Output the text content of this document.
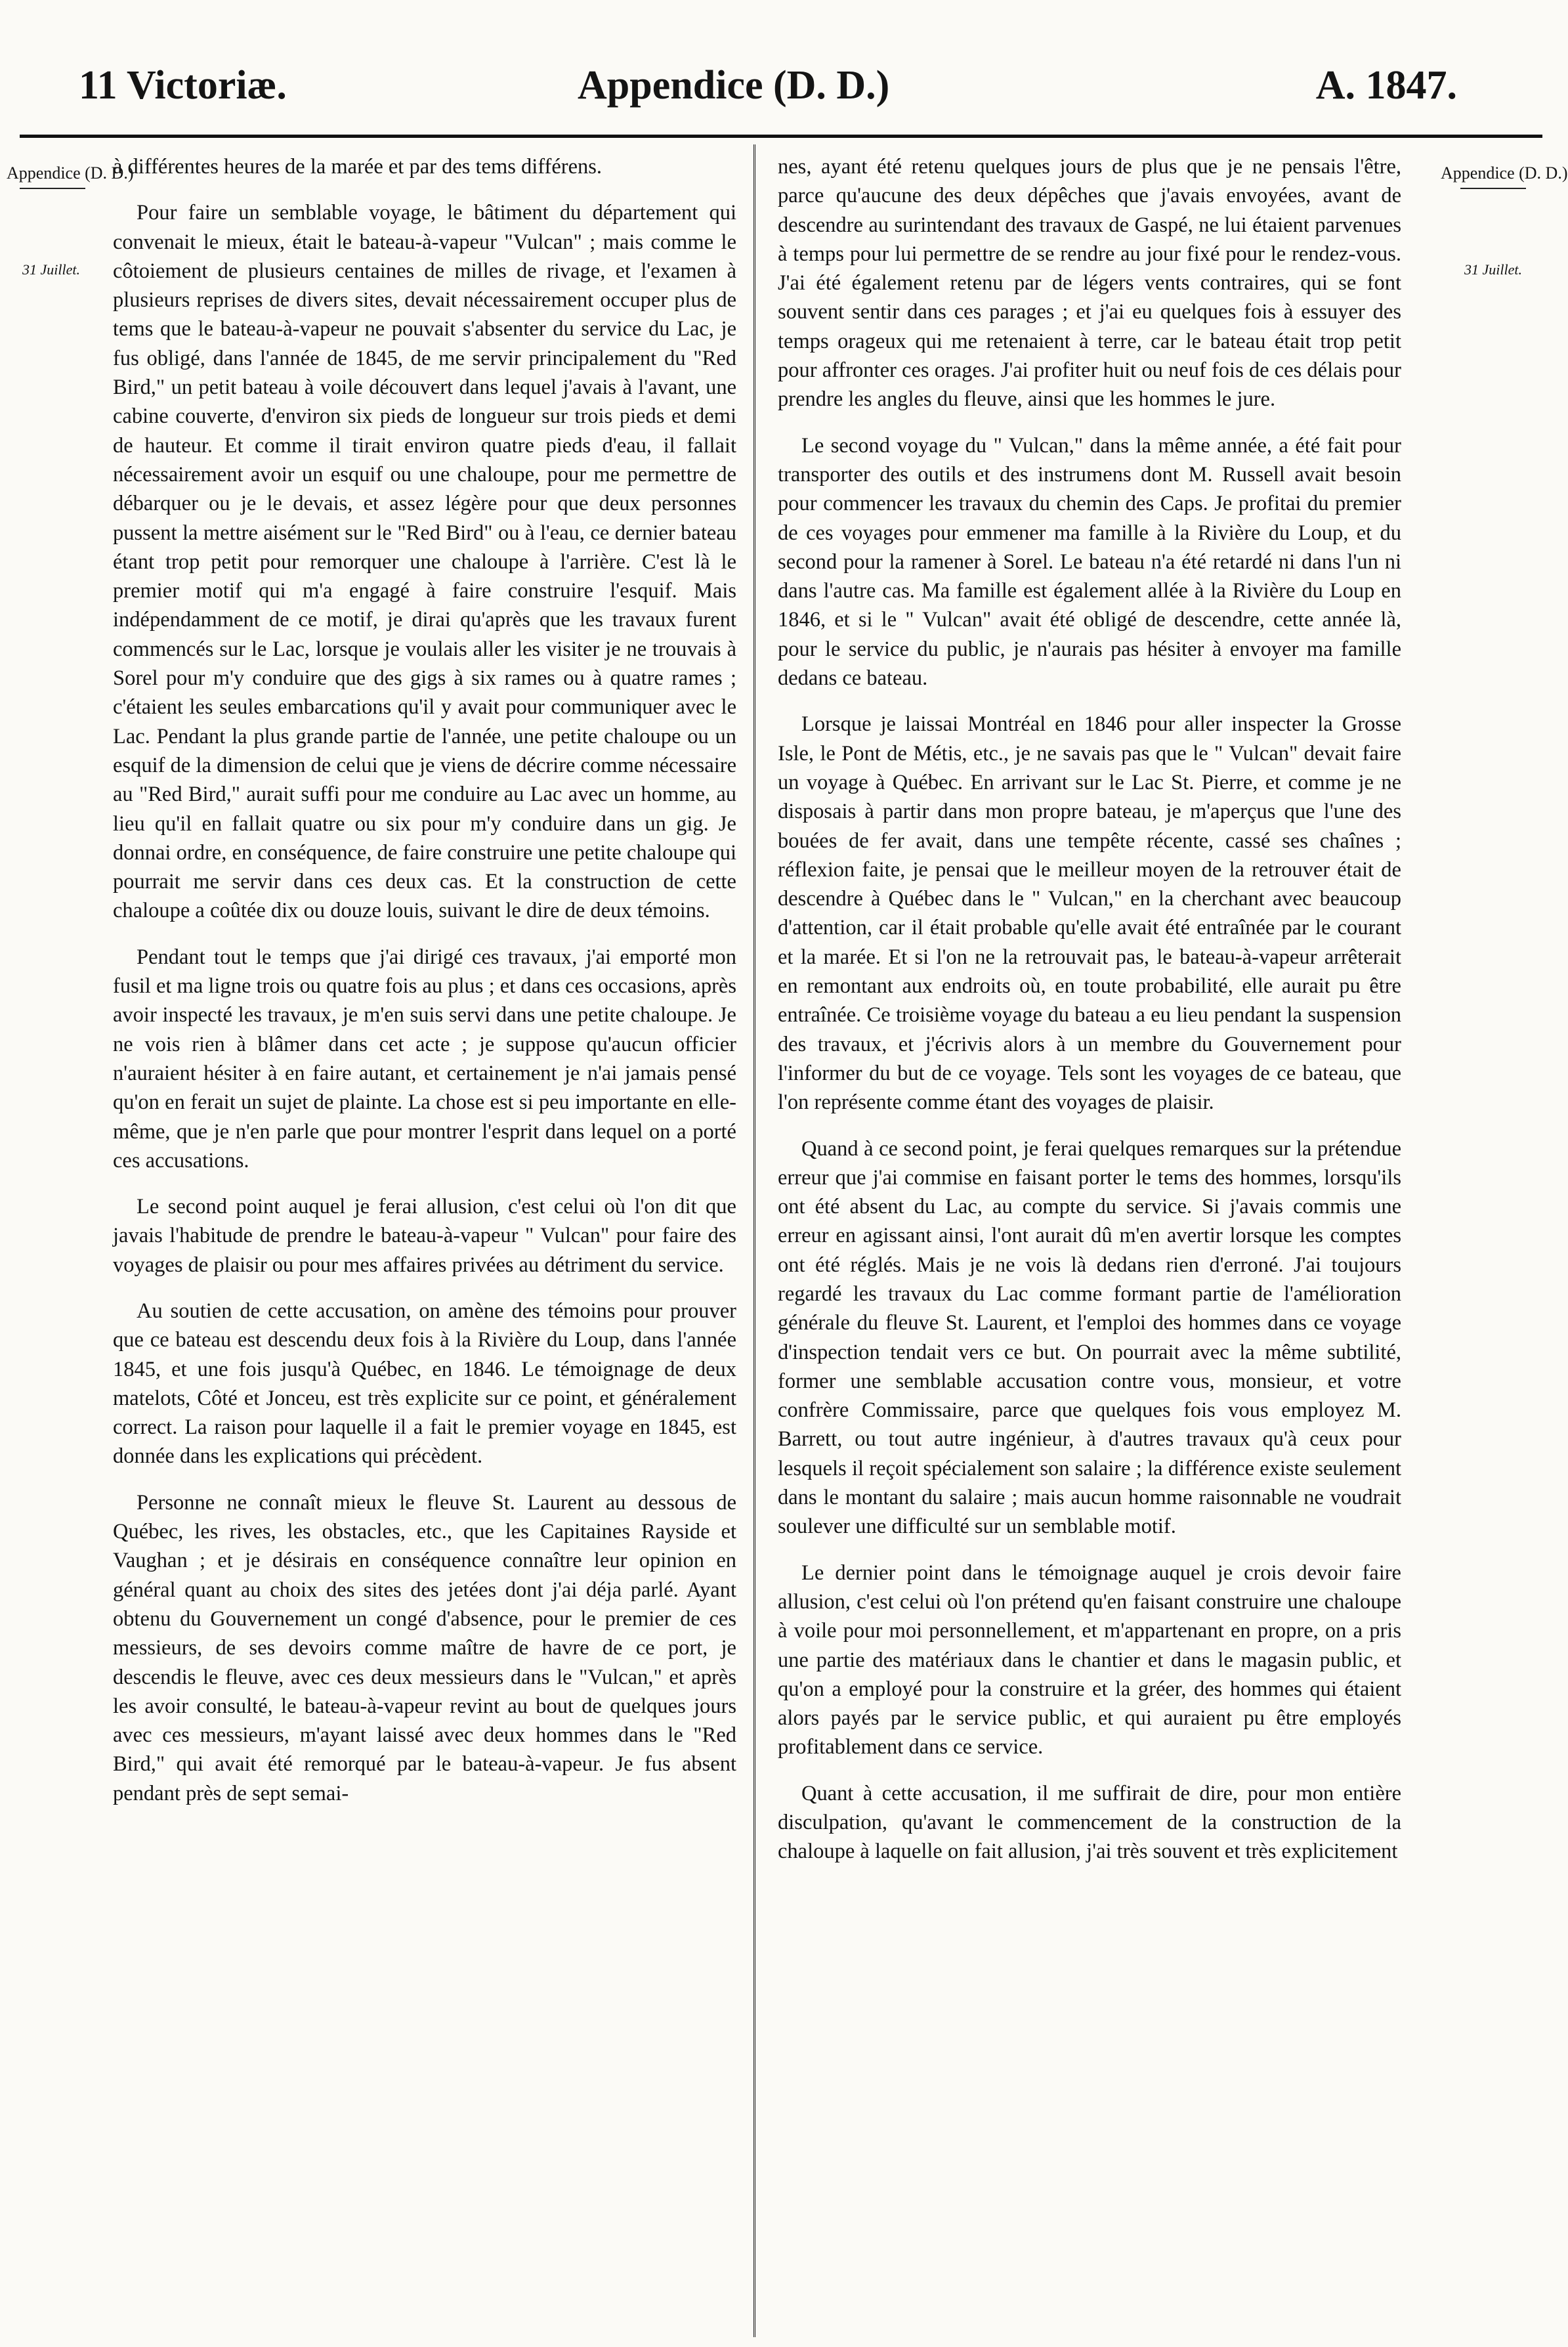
11 Victoriæ.	Appendice (D. D.)	A. 1847.
Appendice (D. D.)
31 Juillet.
Appendice (D. D.)
31 Juillet.

à différentes heures de la marée et par des tems différens.

Pour faire un semblable voyage, le bâtiment du département qui convenait le mieux, était le bateau-à-vapeur "Vulcan" ; mais comme le côtoiement de plusieurs centaines de milles de rivage, et l'examen à plusieurs reprises de divers sites, devait nécessairement occuper plus de tems que le bateau-à-vapeur ne pouvait s'absenter du service du Lac, je fus obligé, dans l'année de 1845, de me servir principalement du "Red Bird," un petit bateau à voile découvert dans lequel j'avais à l'avant, une cabine couverte, d'environ six pieds de longueur sur trois pieds et demi de hauteur. Et comme il tirait environ quatre pieds d'eau, il fallait nécessairement avoir un esquif ou une chaloupe, pour me permettre de débarquer ou je le devais, et assez légère pour que deux personnes pussent la mettre aisément sur le "Red Bird" ou à l'eau, ce dernier bateau étant trop petit pour remorquer une chaloupe à l'arrière. C'est là le premier motif qui m'a engagé à faire construire l'esquif. Mais indépendamment de ce motif, je dirai qu'après que les travaux furent commencés sur le Lac, lorsque je voulais aller les visiter je ne trouvais à Sorel pour m'y conduire que des gigs à six rames ou à quatre rames ; c'étaient les seules embarcations qu'il y avait pour communiquer avec le Lac. Pendant la plus grande partie de l'année, une petite chaloupe ou un esquif de la dimension de celui que je viens de décrire comme nécessaire au "Red Bird," aurait suffi pour me conduire au Lac avec un homme, au lieu qu'il en fallait quatre ou six pour m'y conduire dans un gig. Je donnai ordre, en conséquence, de faire construire une petite chaloupe qui pourrait me servir dans ces deux cas. Et la construction de cette chaloupe a coûtée dix ou douze louis, suivant le dire de deux témoins.

Pendant tout le temps que j'ai dirigé ces travaux, j'ai emporté mon fusil et ma ligne trois ou quatre fois au plus ; et dans ces occasions, après avoir inspecté les travaux, je m'en suis servi dans une petite chaloupe. Je ne vois rien à blâmer dans cet acte ; je suppose qu'aucun officier n'auraient hésiter à en faire autant, et certainement je n'ai jamais pensé qu'on en ferait un sujet de plainte. La chose est si peu importante en elle-même, que je n'en parle que pour montrer l'esprit dans lequel on a porté ces accusations.

Le second point auquel je ferai allusion, c'est celui où l'on dit que javais l'habitude de prendre le bateau-à-vapeur " Vulcan" pour faire des voyages de plaisir ou pour mes affaires privées au détriment du service.

Au soutien de cette accusation, on amène des témoins pour prouver que ce bateau est descendu deux fois à la Rivière du Loup, dans l'année 1845, et une fois jusqu'à Québec, en 1846. Le témoignage de deux matelots, Côté et Jonceu, est très explicite sur ce point, et généralement correct. La raison pour laquelle il a fait le premier voyage en 1845, est donnée dans les explications qui précèdent.

Personne ne connaît mieux le fleuve St. Laurent au dessous de Québec, les rives, les obstacles, etc., que les Capitaines Rayside et Vaughan ; et je désirais en conséquence connaître leur opinion en général quant au choix des sites des jetées dont j'ai déja parlé. Ayant obtenu du Gouvernement un congé d'absence, pour le premier de ces messieurs, de ses devoirs comme maître de havre de ce port, je descendis le fleuve, avec ces deux messieurs dans le "Vulcan," et après les avoir consulté, le bateau-à-vapeur revint au bout de quelques jours avec ces messieurs, m'ayant laissé avec deux hommes dans le "Red Bird," qui avait été remorqué par le bateau-à-vapeur. Je fus absent pendant près de sept semai-

nes, ayant été retenu quelques jours de plus que je ne pensais l'être, parce qu'aucune des deux dépêches que j'avais envoyées, avant de descendre au surintendant des travaux de Gaspé, ne lui étaient parvenues à temps pour lui permettre de se rendre au jour fixé pour le rendez-vous. J'ai été également retenu par de légers vents contraires, qui se font souvent sentir dans ces parages ; et j'ai eu quelques fois à essuyer des temps orageux qui me retenaient à terre, car le bateau était trop petit pour affronter ces orages. J'ai profiter huit ou neuf fois de ces délais pour prendre les angles du fleuve, ainsi que les hommes le jure.

Le second voyage du " Vulcan," dans la même année, a été fait pour transporter des outils et des instrumens dont M. Russell avait besoin pour commencer les travaux du chemin des Caps. Je profitai du premier de ces voyages pour emmener ma famille à la Rivière du Loup, et du second pour la ramener à Sorel. Le bateau n'a été retardé ni dans l'un ni dans l'autre cas. Ma famille est également allée à la Rivière du Loup en 1846, et si le " Vulcan" avait été obligé de descendre, cette année là, pour le service du public, je n'aurais pas hésiter à envoyer ma famille dedans ce bateau.

Lorsque je laissai Montréal en 1846 pour aller inspecter la Grosse Isle, le Pont de Métis, etc., je ne savais pas que le " Vulcan" devait faire un voyage à Québec. En arrivant sur le Lac St. Pierre, et comme je ne disposais à partir dans mon propre bateau, je m'aperçus que l'une des bouées de fer avait, dans une tempête récente, cassé ses chaînes ; réflexion faite, je pensai que le meilleur moyen de la retrouver était de descendre à Québec dans le " Vulcan," en la cherchant avec beaucoup d'attention, car il était probable qu'elle avait été entraînée par le courant et la marée. Et si l'on ne la retrouvait pas, le bateau-à-vapeur arrêterait en remontant aux endroits où, en toute probabilité, elle aurait pu être entraînée. Ce troisième voyage du bateau a eu lieu pendant la suspension des travaux, et j'écrivis alors à un membre du Gouvernement pour l'informer du but de ce voyage. Tels sont les voyages de ce bateau, que l'on représente comme étant des voyages de plaisir.

Quand à ce second point, je ferai quelques remarques sur la prétendue erreur que j'ai commise en faisant porter le tems des hommes, lorsqu'ils ont été absent du Lac, au compte du service. Si j'avais commis une erreur en agissant ainsi, l'ont aurait dû m'en avertir lorsque les comptes ont été réglés. Mais je ne vois là dedans rien d'erroné. J'ai toujours regardé les travaux du Lac comme formant partie de l'amélioration générale du fleuve St. Laurent, et l'emploi des hommes dans ce voyage d'inspection tendait vers ce but. On pourrait avec la même subtilité, former une semblable accusation contre vous, monsieur, et votre confrère Commissaire, parce que quelques fois vous employez M. Barrett, ou tout autre ingénieur, à d'autres travaux qu'à ceux pour lesquels il reçoit spécialement son salaire ; la différence existe seulement dans le montant du salaire ; mais aucun homme raisonnable ne voudrait soulever une difficulté sur un semblable motif.

Le dernier point dans le témoignage auquel je crois devoir faire allusion, c'est celui où l'on prétend qu'en faisant construire une chaloupe à voile pour moi personnellement, et m'appartenant en propre, on a pris une partie des matériaux dans le chantier et dans le magasin public, et qu'on a employé pour la construire et la gréer, des hommes qui étaient alors payés par le service public, et qui auraient pu être employés profitablement dans ce service.

Quant à cette accusation, il me suffirait de dire, pour mon entière disculpation, qu'avant le commencement de la construction de la chaloupe à laquelle on fait allusion, j'ai très souvent et très explicitement
